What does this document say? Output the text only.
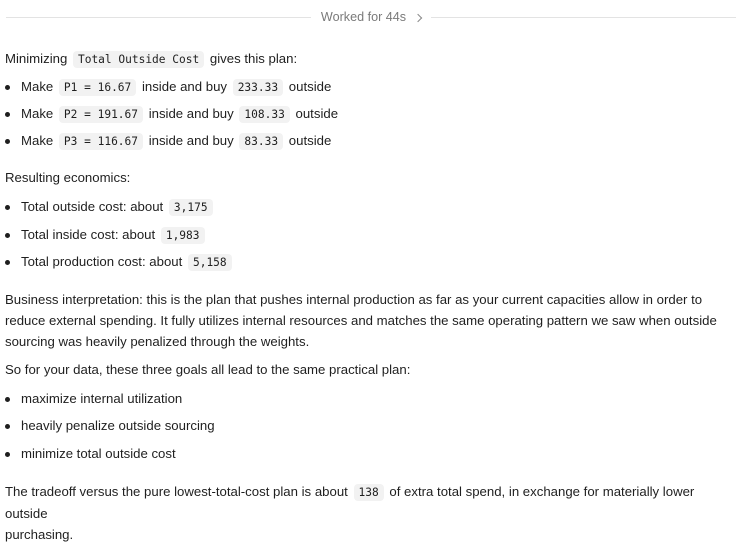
Worked for 44s
Minimizing Total Outside Cost gives this plan:
Make P1 = 16.67 inside and buy 233.33 outside
Make P2 = 191.67 inside and buy 108.33 outside
Make P3 = 116.67 inside and buy 83.33 outside
Resulting economics:
Total outside cost: about 3,175
Total inside cost: about 1,983
Total production cost: about 5,158
Business interpretation: this is the plan that pushes internal production as far as your current capacities allow in order to
reduce external spending. It fully utilizes internal resources and matches the same operating pattern we saw when outside
sourcing was heavily penalized through the weights.
So for your data, these three goals all lead to the same practical plan:
maximize internal utilization
heavily penalize outside sourcing
minimize total outside cost
The tradeoff versus the pure lowest-total-cost plan is about 138 of extra total spend, in exchange for materially lower outside
purchasing.
